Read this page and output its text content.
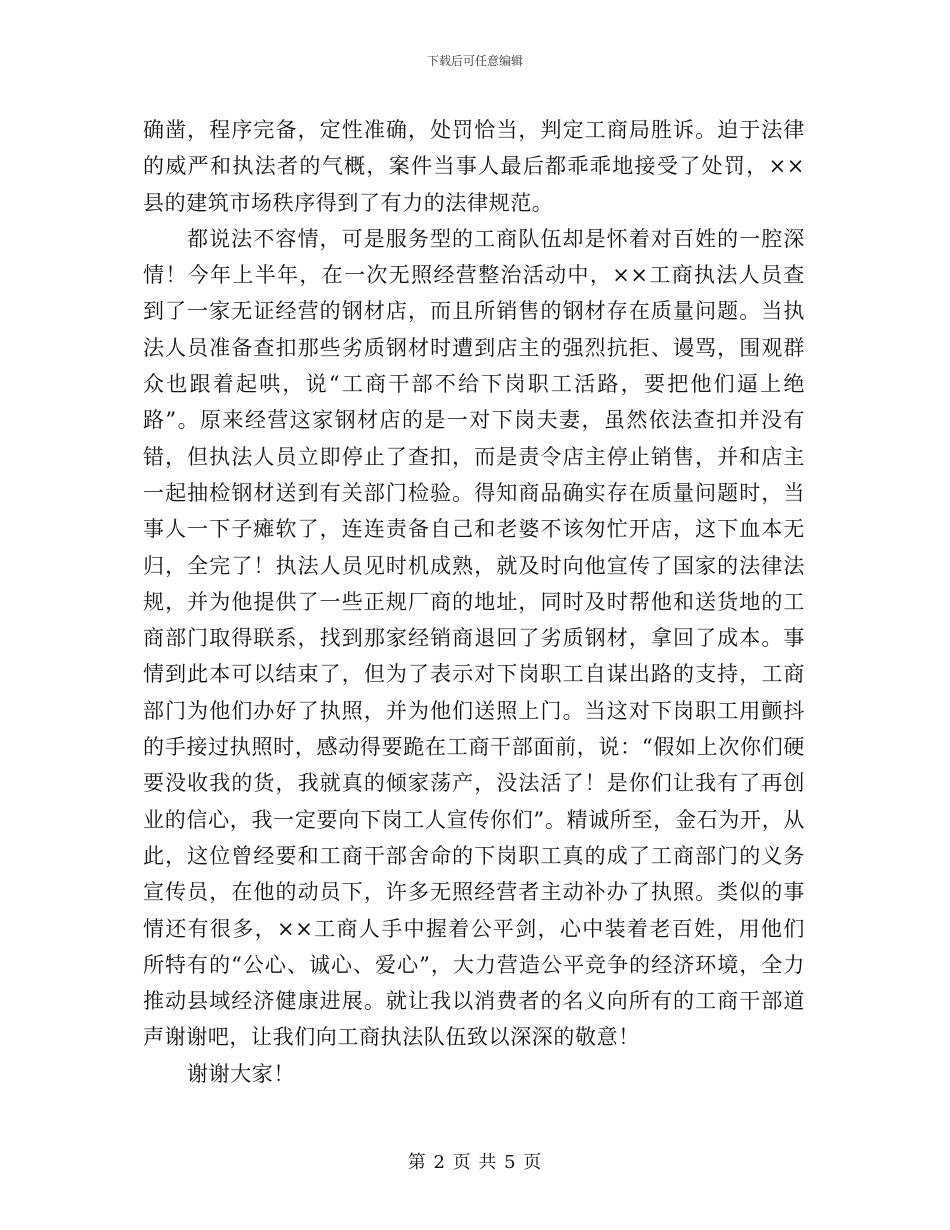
下载后可任意编辑

确凿，程序完备，定性准确，处罚恰当，判定工商局胜诉。迫于法律的威严和执法者的气概，案件当事人最后都乖乖地接受了处罚，××县的建筑市场秩序得到了有力的法律规范。

都说法不容情，可是服务型的工商队伍却是怀着对百姓的一腔深情！今年上半年，在一次无照经营整治活动中，××工商执法人员查到了一家无证经营的钢材店，而且所销售的钢材存在质量问题。当执法人员准备查扣那些劣质钢材时遭到店主的强烈抗拒、谩骂，围观群众也跟着起哄，说“工商干部不给下岗职工活路，要把他们逼上绝路”。原来经营这家钢材店的是一对下岗夫妻，虽然依法查扣并没有错，但执法人员立即停止了查扣，而是责令店主停止销售，并和店主一起抽检钢材送到有关部门检验。得知商品确实存在质量问题时，当事人一下子瘫软了，连连责备自己和老婆不该匆忙开店，这下血本无归，全完了！执法人员见时机成熟，就及时向他宣传了国家的法律法规，并为他提供了一些正规厂商的地址，同时及时帮他和送货地的工商部门取得联系，找到那家经销商退回了劣质钢材，拿回了成本。事情到此本可以结束了，但为了表示对下岗职工自谋出路的支持，工商部门为他们办好了执照，并为他们送照上门。当这对下岗职工用颤抖的手接过执照时，感动得要跪在工商干部面前，说：“假如上次你们硬要没收我的货，我就真的倾家荡产，没法活了！是你们让我有了再创业的信心，我一定要向下岗工人宣传你们”。精诚所至，金石为开，从此，这位曾经要和工商干部舍命的下岗职工真的成了工商部门的义务宣传员，在他的动员下，许多无照经营者主动补办了执照。类似的事情还有很多，××工商人手中握着公平剑，心中装着老百姓，用他们所特有的“公心、诚心、爱心”，大力营造公平竞争的经济环境，全力推动县域经济健康进展。就让我以消费者的名义向所有的工商干部道声谢谢吧，让我们向工商执法队伍致以深深的敬意！

谢谢大家！

第 2 页 共 5 页
